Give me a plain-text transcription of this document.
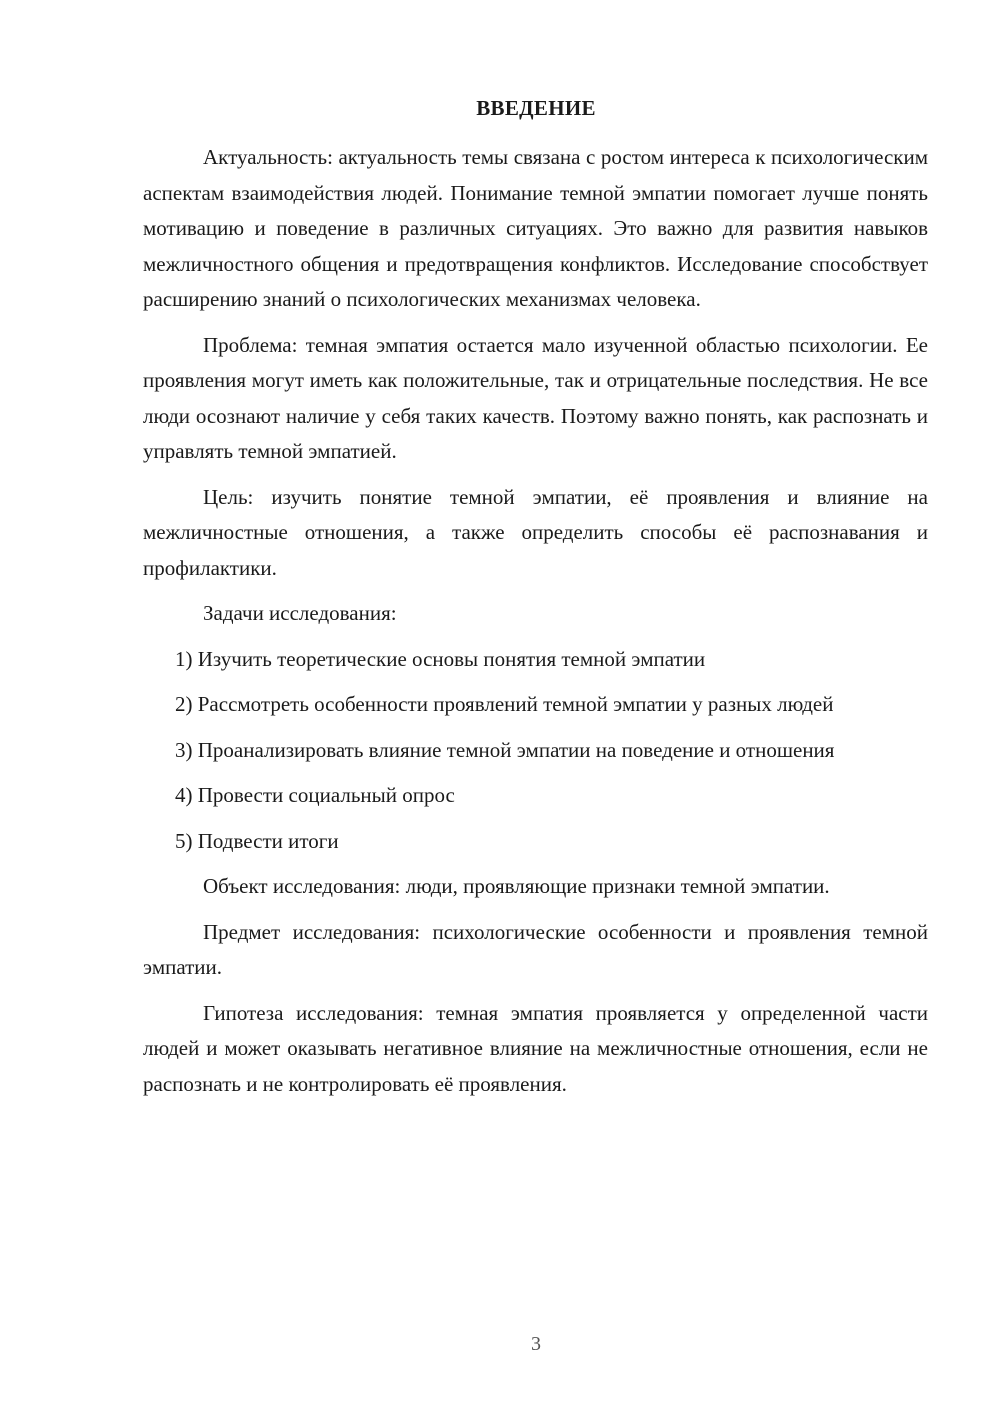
ВВЕДЕНИЕ

Актуальность: актуальность темы связана с ростом интереса к психологическим аспектам взаимодействия людей. Понимание темной эмпатии помогает лучше понять мотивацию и поведение в различных ситуациях. Это важно для развития навыков межличностного общения и предотвращения конфликтов. Исследование способствует расширению знаний о психологических механизмах человека.

Проблема: темная эмпатия остается мало изученной областью психологии. Ее проявления могут иметь как положительные, так и отрицательные последствия. Не все люди осознают наличие у себя таких качеств. Поэтому важно понять, как распознать и управлять темной эмпатией.

Цель: изучить понятие темной эмпатии, её проявления и влияние на межличностные отношения, а также определить способы её распознавания и профилактики.

Задачи исследования:

1) Изучить теоретические основы понятия темной эмпатии

2) Рассмотреть особенности проявлений темной эмпатии у разных людей

3) Проанализировать влияние темной эмпатии на поведение и отношения

4) Провести социальный опрос

5) Подвести итоги

Объект исследования: люди, проявляющие признаки темной эмпатии.

Предмет исследования: психологические особенности и проявления темной эмпатии.

Гипотеза исследования: темная эмпатия проявляется у определенной части людей и может оказывать негативное влияние на межличностные отношения, если не распознать и не контролировать её проявления.

3
